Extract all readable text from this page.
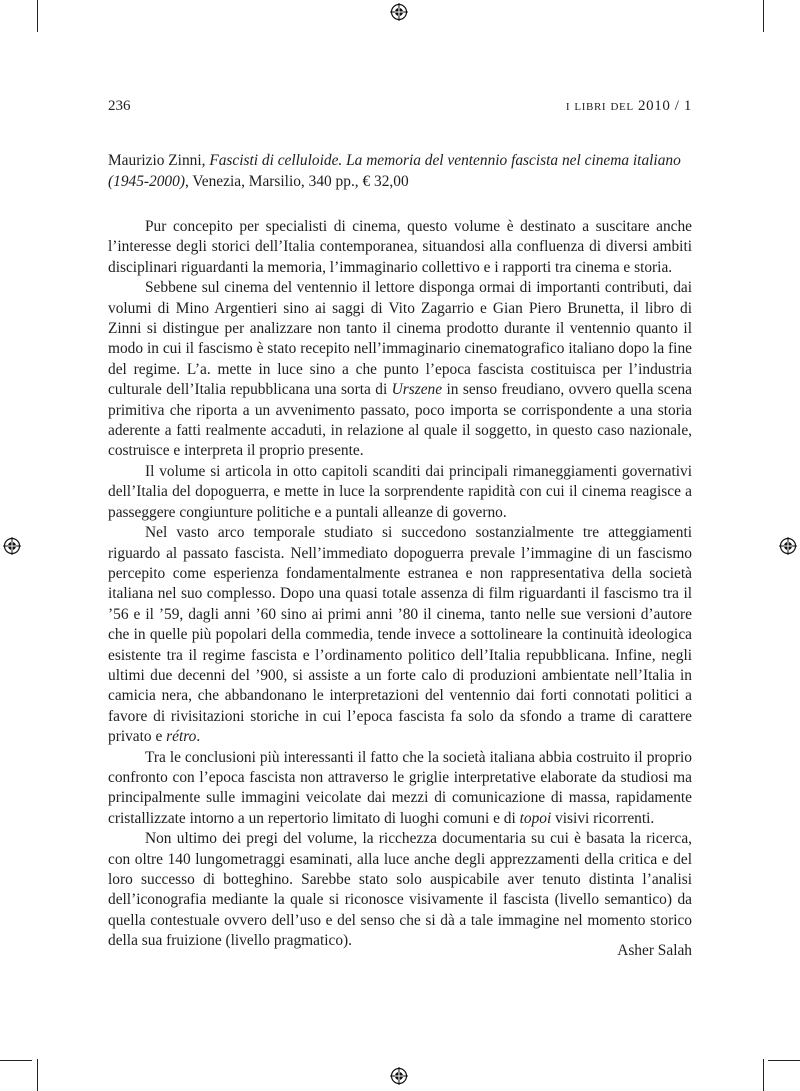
236	i libri del 2010 / 1
Maurizio Zinni, Fascisti di celluloide. La memoria del ventennio fascista nel cinema italiano (1945-2000), Venezia, Marsilio, 340 pp., € 32,00

Pur concepito per specialisti di cinema, questo volume è destinato a suscitare anche l’interesse degli storici dell’Italia contemporanea, situandosi alla confluenza di diversi ambiti disciplinari riguardanti la memoria, l’immaginario collettivo e i rapporti tra cinema e storia.

Sebbene sul cinema del ventennio il lettore disponga ormai di importanti contributi, dai volumi di Mino Argentieri sino ai saggi di Vito Zagarrio e Gian Piero Brunetta, il libro di Zinni si distingue per analizzare non tanto il cinema prodotto durante il ventennio quanto il modo in cui il fascismo è stato recepito nell’immaginario cinematografico italiano dopo la fine del regime. L’a. mette in luce sino a che punto l’epoca fascista costituisca per l’industria culturale dell’Italia repubblicana una sorta di Urszene in senso freudiano, ovvero quella scena primitiva che riporta a un avvenimento passato, poco importa se corrispondente a una storia aderente a fatti realmente accaduti, in relazione al quale il soggetto, in questo caso nazionale, costruisce e interpreta il proprio presente.

Il volume si articola in otto capitoli scanditi dai principali rimaneggiamenti governativi dell’Italia del dopoguerra, e mette in luce la sorprendente rapidità con cui il cinema reagisce a passeggere congiunture politiche e a puntali alleanze di governo.

Nel vasto arco temporale studiato si succedono sostanzialmente tre atteggiamenti riguardo al passato fascista. Nell’immediato dopoguerra prevale l’immagine di un fascismo percepito come esperienza fondamentalmente estranea e non rappresentativa della società italiana nel suo complesso. Dopo una quasi totale assenza di film riguardanti il fascismo tra il ’56 e il ’59, dagli anni ’60 sino ai primi anni ’80 il cinema, tanto nelle sue versioni d’autore che in quelle più popolari della commedia, tende invece a sottolineare la continuità ideologica esistente tra il regime fascista e l’ordinamento politico dell’Italia repubblicana. Infine, negli ultimi due decenni del ’900, si assiste a un forte calo di produzioni ambientate nell’Italia in camicia nera, che abbandonano le interpretazioni del ventennio dai forti connotati politici a favore di rivisitazioni storiche in cui l’epoca fascista fa solo da sfondo a trame di carattere privato e rétro.

Tra le conclusioni più interessanti il fatto che la società italiana abbia costruito il proprio confronto con l’epoca fascista non attraverso le griglie interpretative elaborate da studiosi ma principalmente sulle immagini veicolate dai mezzi di comunicazione di massa, rapidamente cristallizzate intorno a un repertorio limitato di luoghi comuni e di topoi visivi ricorrenti.

Non ultimo dei pregi del volume, la ricchezza documentaria su cui è basata la ricerca, con oltre 140 lungometraggi esaminati, alla luce anche degli apprezzamenti della critica e del loro successo di botteghino. Sarebbe stato solo auspicabile aver tenuto distinta l’analisi dell’iconografia mediante la quale si riconosce visivamente il fascista (livello semantico) da quella contestuale ovvero dell’uso e del senso che si dà a tale immagine nel momento storico della sua fruizione (livello pragmatico).

Asher Salah
